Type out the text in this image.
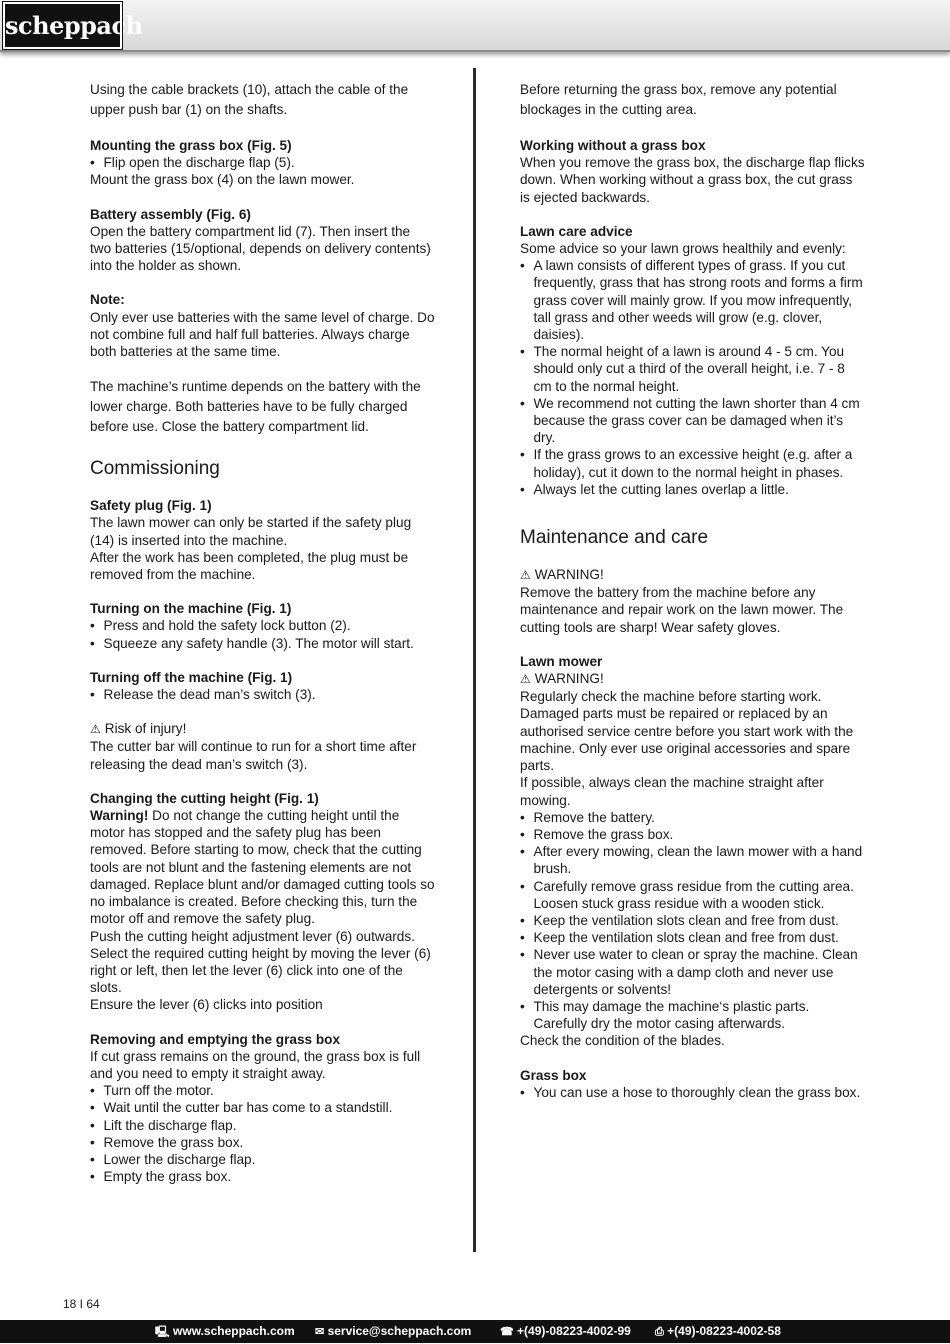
scheppach

Using the cable brackets (10), attach the cable of the upper push bar (1) on the shafts.

Mounting the grass box (Fig. 5)

• Flip open the discharge flap (5).

Mount the grass box (4) on the lawn mower.

Battery assembly (Fig. 6)

Open the battery compartment lid (7). Then insert the two batteries (15/optional, depends on delivery contents) into the holder as shown.

Note:

Only ever use batteries with the same level of charge. Do not combine full and half full batteries. Always charge both batteries at the same time.

The machine’s runtime depends on the battery with the lower charge. Both batteries have to be fully charged before use. Close the battery compartment lid.

Commissioning

Safety plug (Fig. 1)

The lawn mower can only be started if the safety plug (14) is inserted into the machine.

After the work has been completed, the plug must be removed from the machine.

Turning on the machine (Fig. 1)

• Press and hold the safety lock button (2).
• Squeeze any safety handle (3). The motor will start.

Turning off the machine (Fig. 1)

• Release the dead man’s switch (3).

⚠ Risk of injury!

The cutter bar will continue to run for a short time after releasing the dead man’s switch (3).

Changing the cutting height (Fig. 1)

Warning! Do not change the cutting height until the motor has stopped and the safety plug has been removed. Before starting to mow, check that the cutting tools are not blunt and the fastening elements are not damaged. Replace blunt and/or damaged cutting tools so no imbalance is created. Before checking this, turn the motor off and remove the safety plug.

Push the cutting height adjustment lever (6) outwards. Select the required cutting height by moving the lever (6) right or left, then let the lever (6) click into one of the slots.

Ensure the lever (6) clicks into position

Removing and emptying the grass box

If cut grass remains on the ground, the grass box is full and you need to empty it straight away.

• Turn off the motor.
• Wait until the cutter bar has come to a standstill.
• Lift the discharge flap.
• Remove the grass box.
• Lower the discharge flap.
• Empty the grass box.

Before returning the grass box, remove any potential blockages in the cutting area.

Working without a grass box

When you remove the grass box, the discharge flap flicks down. When working without a grass box, the cut grass is ejected backwards.

Lawn care advice

Some advice so your lawn grows healthily and evenly:

• A lawn consists of different types of grass. If you cut frequently, grass that has strong roots and forms a firm grass cover will mainly grow. If you mow infrequently, tall grass and other weeds will grow (e.g. clover, daisies).
• The normal height of a lawn is around 4 - 5 cm. You should only cut a third of the overall height, i.e. 7 - 8 cm to the normal height.
• We recommend not cutting the lawn shorter than 4 cm because the grass cover can be damaged when it’s dry.
• If the grass grows to an excessive height (e.g. after a holiday), cut it down to the normal height in phases.
• Always let the cutting lanes overlap a little.

Maintenance and care

⚠ WARNING!

Remove the battery from the machine before any maintenance and repair work on the lawn mower. The cutting tools are sharp! Wear safety gloves.

Lawn mower

⚠ WARNING!

Regularly check the machine before starting work. Damaged parts must be repaired or replaced by an authorised service centre before you start work with the machine. Only ever use original accessories and spare parts.

If possible, always clean the machine straight after mowing.

• Remove the battery.
• Remove the grass box.
• After every mowing, clean the lawn mower with a hand brush.
• Carefully remove grass residue from the cutting area. Loosen stuck grass residue with a wooden stick.
• Keep the ventilation slots clean and free from dust.
• Keep the ventilation slots clean and free from dust.
• Never use water to clean or spray the machine. Clean the motor casing with a damp cloth and never use detergents or solvents!
• This may damage the machine‘s plastic parts. Carefully dry the motor casing afterwards.

Check the condition of the blades.

Grass box

• You can use a hose to thoroughly clean the grass box.
18 I 64
🖳 www.scheppach.com ✉ service@scheppach.com	☎ +(49)-08223-4002-99 ⎙ +(49)-08223-4002-58
